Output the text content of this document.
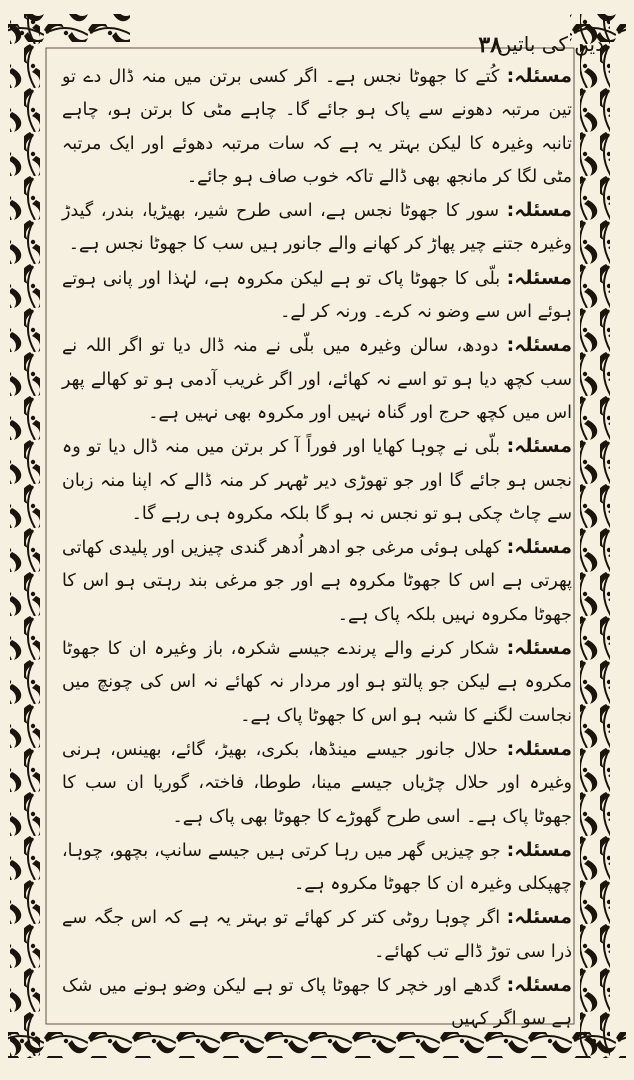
۳۸
دین کی باتیں

مسئلہ: کُتے کا جھوٹا نجس ہے۔ اگر کسی برتن میں منہ ڈال دے تو تین مرتبہ دھونے سے پاک ہو جائے گا۔ چاہے مٹی کا برتن ہو، چاہے تانبہ وغیرہ کا لیکن بہتر یہ ہے کہ سات مرتبہ دھوئے اور ایک مرتبہ مٹی لگا کر مانجھ بھی ڈالے تاکہ خوب صاف ہو جائے۔

مسئلہ: سور کا جھوٹا نجس ہے، اسی طرح شیر، بھیڑیا، بندر، گیدڑ وغیرہ جتنے چیر پھاڑ کر کھانے والے جانور ہیں سب کا جھوٹا نجس ہے۔

مسئلہ: بلّی کا جھوٹا پاک تو ہے لیکن مکروہ ہے، لہٰذا اور پانی ہوتے ہوئے اس سے وضو نہ کرے۔ ورنہ کر لے۔

مسئلہ: دودھ، سالن وغیرہ میں بلّی نے منہ ڈال دیا تو اگر اللہ نے سب کچھ دیا ہو تو اسے نہ کھائے، اور اگر غریب آدمی ہو تو کھالے پھر اس میں کچھ حرج اور گناہ نہیں اور مکروہ بھی نہیں ہے۔

مسئلہ: بلّی نے چوہا کھایا اور فوراً آ کر برتن میں منہ ڈال دیا تو وہ نجس ہو جائے گا اور جو تھوڑی دیر ٹھہر کر منہ ڈالے کہ اپنا منہ زبان سے چاٹ چکی ہو تو نجس نہ ہو گا بلکہ مکروہ ہی رہے گا۔

مسئلہ: کھلی ہوئی مرغی جو ادھر اُدھر گندی چیزیں اور پلیدی کھاتی پھرتی ہے اس کا جھوٹا مکروہ ہے اور جو مرغی بند رہتی ہو اس کا جھوٹا مکروہ نہیں بلکہ پاک ہے۔

مسئلہ: شکار کرنے والے پرندے جیسے شکرہ، باز وغیرہ ان کا جھوٹا مکروہ ہے لیکن جو پالتو ہو اور مردار نہ کھائے نہ اس کی چونچ میں نجاست لگنے کا شبہ ہو اس کا جھوٹا پاک ہے۔

مسئلہ: حلال جانور جیسے مینڈھا، بکری، بھیڑ، گائے، بھینس، ہرنی وغیرہ اور حلال چڑیاں جیسے مینا، طوطا، فاختہ، گوریا ان سب کا جھوٹا پاک ہے۔ اسی طرح گھوڑے کا جھوٹا بھی پاک ہے۔

مسئلہ: جو چیزیں گھر میں رہا کرتی ہیں جیسے سانپ، بچھو، چوہا، چھپکلی وغیرہ ان کا جھوٹا مکروہ ہے۔

مسئلہ: اگر چوہا روٹی کتر کر کھائے تو بہتر یہ ہے کہ اس جگہ سے ذرا سی توڑ ڈالے تب کھائے۔

مسئلہ: گدھے اور خچر کا جھوٹا پاک تو ہے لیکن وضو ہونے میں شک ہے سو اگر کہیں
